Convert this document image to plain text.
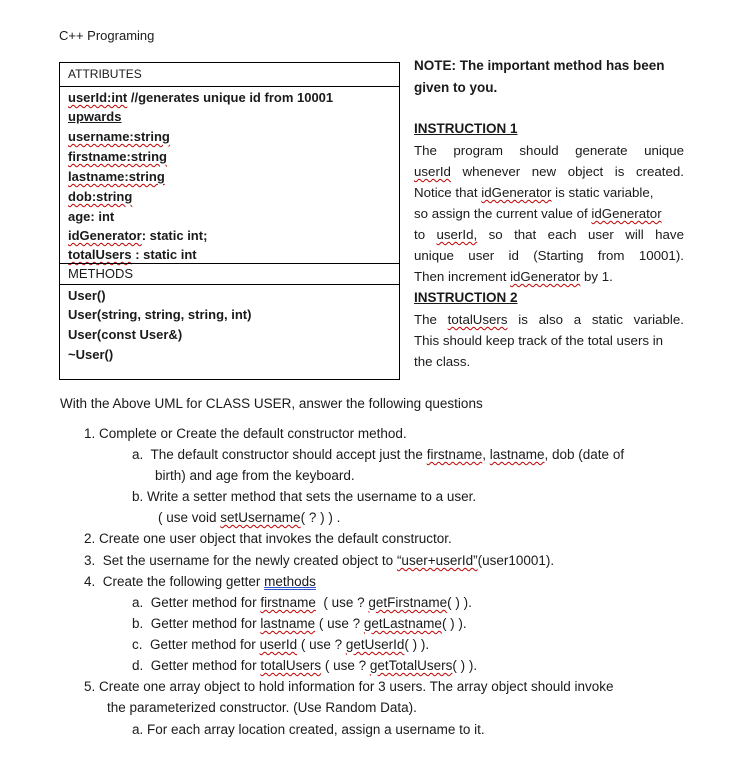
C++ Programing
ATTRIBUTES
userId:int //generates unique id from 10001
upwards
username:string
firstname:string
lastname:string
dob:string
age: int
idGenerator: static int;
totalUsers : static int
METHODS
User()
User(string, string, string, int)
User(const User&)
~User()
NOTE: The important method has been
given to you.
INSTRUCTION 1
The program should generate unique
userId whenever new object is created.
Notice that idGenerator is static variable,
so assign the current value of idGenerator
to userId, so that each user will have
unique user id (Starting from 10001).
Then increment idGenerator by 1.
INSTRUCTION 2
The totalUsers is also a static variable.
This should keep track of the total users in
the class.
With the Above UML for CLASS USER, answer the following questions
1. Complete or Create the default constructor method.
a.  The default constructor should accept just the firstname, lastname, dob (date of
birth) and age from the keyboard.
b. Write a setter method that sets the username to a user.
( use void setUsername( ? ) ) .
2. Create one user object that invokes the default constructor.
3.  Set the username for the newly created object to “user+userId”(user10001).
4.  Create the following getter methods
a.  Getter method for firstname  ( use ? getFirstname( ) ).
b.  Getter method for lastname ( use ? getLastname( ) ).
c.  Getter method for userId ( use ? getUserId( ) ).
d.  Getter method for totalUsers ( use ? getTotalUsers( ) ).
5. Create one array object to hold information for 3 users. The array object should invoke
the parameterized constructor. (Use Random Data).
a. For each array location created, assign a username to it.
